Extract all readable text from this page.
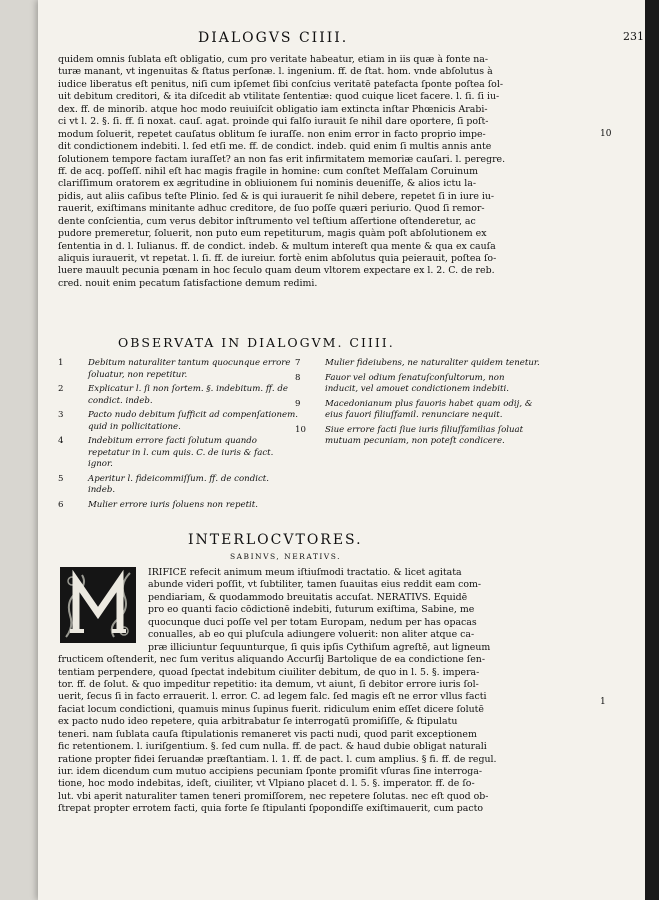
DIALOGVS CIIII.	231
quidem omnis ſublata eſt obligatio, cum pro veritate habeatur, etiam in iis quæ à fonte na-
turæ manant, vt ingenuitas & ſtatus perſonæ. l. ingenium. ff. de ſtat. hom. vnde abſolutus à
iudice liberatus eſt penitus, niſi cum ipſemet ſibi conſcius veritatē patefacta ſponte poſtea ſol-
uit debitum creditori, & ita diſcedit ab vtilitate ſententiæ: quod cuique licet facere. l. ſi. ſi iu-
dex. ff. de minorib. atque hoc modo reuiuiſcit obligatio iam extincta inſtar Phœnicis Arabi-
ci vt l. 2. §. ſi. ff. ſi noxat. cauſ. agat. proinde qui falſo iurauit ſe nihil dare oportere, ſi poſt-
modum ſoluerit, repetet cauſatus oblitum ſe iuraſſe. non enim error in facto proprio impe-
dit condictionem indebiti. l. ſed etſi me. ff. de condict. indeb. quid enim ſi multis annis ante
ſolutionem tempore factam iuraſſet? an non fas erit infirmitatem memoriæ cauſari. l. peregre.
ff. de acq. poſſeſſ. nihil eſt hac magis fragile in homine: cum conſtet Meſſalam Coruinum
clariſſimum oratorem ex ægritudine in obliuionem ſui nominis deueniſſe, & alios ictu la-
pidis, aut aliis caſibus teſte Plinio. ſed & is qui iurauerit ſe nihil debere, repetet ſi in iure iu-
rauerit, exiſtimans minitante adhuc creditore, de ſuo poſſe quæri periurio. Quod ſi remor-
dente conſcientia, cum verus debitor inſtrumento vel teſtium aſſertione oſtenderetur, ac
pudore premeretur, ſoluerit, non puto eum repetiturum, magis quàm poſt abſolutionem ex
ſententia in d. l. Iulianus. ff. de condict. indeb. & multum intereſt qua mente & qua ex cauſa
aliquis iurauerit, vt repetat. l. ſi. ff. de iureiur. fortè enim abſolutus quia peierauit, poſtea ſo-
luere mauult pecunia pœnam in hoc ſeculo quam deum vltorem expectare ex l. 2. C. de reb.
cred. nouit enim pecatum ſatisfactione demum redimi.
10
OBSERVATA IN DIALOGVM. CIIII.
1	Debitum naturaliter tantum quocunque errore ſoluatur, non repetitur.
2	Explicatur l. ſi non ſortem. §. indebitum. ff. de condict. indeb.
3	Pacto nudo debitum ſufficit ad compenſationem. quid in pollicitatione.
4	Indebitum errore facti ſolutum quando repetatur in l. cum quis. C. de iuris & fact. ignor.
5	Aperitur l. fideicommiſſum. ff. de condict. indeb.
6	Mulier errore iuris ſoluens non repetit.
7	Mulier fideiubens, ne naturaliter quidem tenetur.
8	Fauor vel odium ſenatuſconſultorum, non inducit, vel amouet condictionem indebiti.
9	Macedonianum plus fauoris habet quam odij, & eius fauori filiuſfamil. renunciare nequit.
10 Siue errore facti ſiue iuris filiuſfamilias ſoluat mutuam pecuniam, non poteſt condicere.
INTERLOCVTORES.
SABINVS, NERATIVS.
IRIFICE refecit animum meum iſtiuſmodi tractatio. & licet agitata
abunde videri poſſit, vt ſubtiliter, tamen ſuauitas eius reddit eam com-
pendiariam, & quodammodo breuitatis accuſat. NERATIVS. Equidē
pro eo quanti facio cōdictionē indebiti, futurum exiſtima, Sabine, me
quocunque duci poſſe vel per totam Europam, nedum per has opacas
conualles, ab eo qui pluſcula adiungere voluerit: non aliter atque ca-
præ illiciuntur ſequunturque, ſi quis ipſis Cythiſum agreſtē, aut ligneum
fructicem oſtenderit, nec ſum veritus aliquando Accurſij Bartolique de ea condictione ſen-
tentiam perpendere, quoad ſpectat indebitum ciuiliter debitum, de quo in l. 5. §. impera-
tor. ff. de ſolut. & quo impeditur repetitio: ita demum, vt aiunt, ſi debitor errore iuris ſol-
uerit, ſecus ſi in facto errauerit. l. error. C. ad legem falc. ſed magis eſt ne error vllus facti
faciat locum condictioni, quamuis minus ſupinus fuerit. ridiculum enim eſſet dicere ſolutē
ex pacto nudo ideo repetere, quia arbitrabatur ſe interrogatū promiſiſſe, & ſtipulatu
teneri. nam ſublata cauſa ſtipulationis remaneret vis pacti nudi, quod parit exceptionem
fic retentionem. l. iuriſgentium. §. ſed cum nulla. ff. de pact. & haud dubie obligat naturali
ratione propter fidei ſeruandæ præſtantiam. l. 1. ff. de pact. l. cum amplius. § fi. ff. de regul.
iur. idem dicendum cum mutuo accipiens pecuniam ſponte promiſit vſuras ſine interroga-
tione, hoc modo indebitas, ideſt, ciuiliter, vt Vlpiano placet d. l. 5. §. imperator. ff. de ſo-
lut. vbi aperit naturaliter tamen teneri promiſſorem, nec repetere ſolutas. nec eſt quod ob-
ſtrepat propter errotem facti, quia forte ſe ſtipulanti ſpopondiſſe exiſtimauerit, cum pacto
1
